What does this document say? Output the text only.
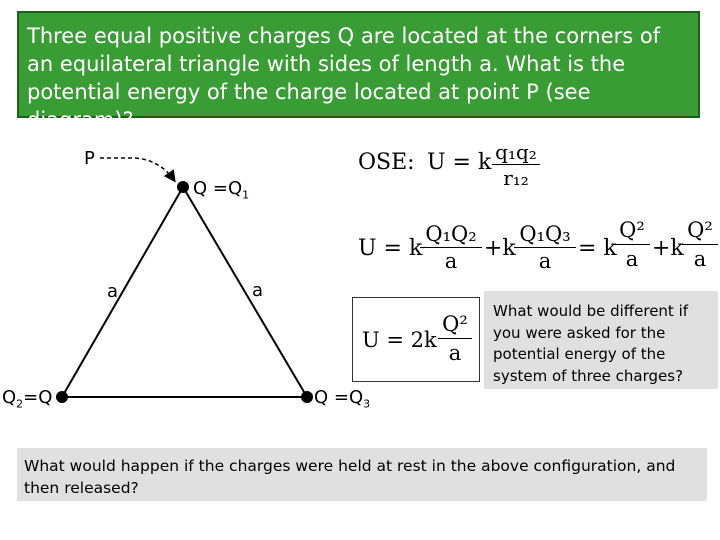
Three equal positive charges Q are located at the corners of an equilateral triangle with sides of length a. What is the potential energy of the charge located at point P (see diagram)?
P
$Q =Q_1$
$Q_2=Q$	$Q =Q_3$
a	a
OSE: U = k $\frac{\text{q₁q₂}}{\text{r₁₂}}$
U = k
$\frac{\text{Q₁Q₂}}{a} +k$
$\frac{\text{Q₁Q₃}}{a} = k$
$\frac{\text{Q²}}{a} +k$
$\frac{\text{Q²}}{a}$
$U = 2k \frac{\text{Q²}}{a}$	What would be different if you were asked for the potential energy of the system of three charges?
What would happen if the charges were held at rest in the above configuration, and then released?
